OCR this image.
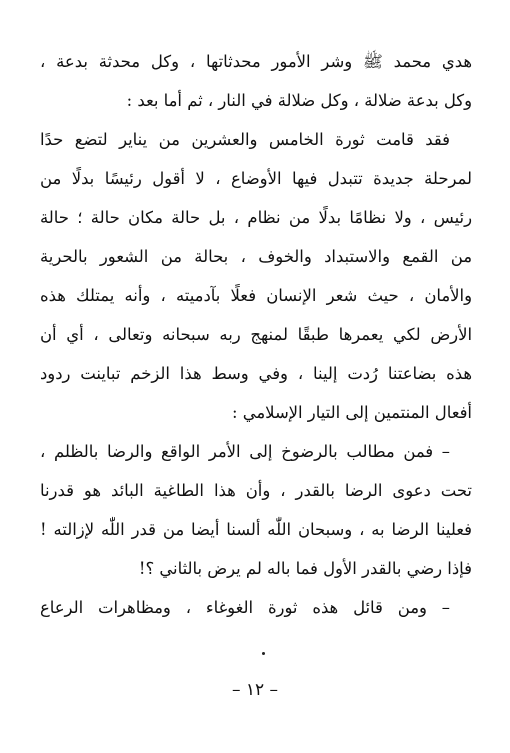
هدي محمد ﷺ وشر الأمور محدثاتها ، وكل محدثة بدعة ،
وكل بدعة ضلالة ، وكل ضلالة في النار ، ثم أما بعد :
فقد قامت ثورة الخامس والعشرين من يناير لتضع حدًا
لمرحلة جديدة تتبدل فيها الأوضاع ، لا أقول رئيسًا بدلًا من
رئيس ، ولا نظامًا بدلًا من نظام ، بل حالة مكان حالة ؛ حالة
من القمع والاستبداد والخوف ، بحالة من الشعور بالحرية
والأمان ، حيث شعر الإنسان فعلًا بآدميته ، وأنه يمتلك هذه
الأرض لكي يعمرها طبقًا لمنهج ربه سبحانه وتعالى ، أي أن
هذه بضاعتنا رُدت إلينا ، وفي وسط هذا الزخم تباينت ردود
أفعال المنتمين إلى التيار الإسلامي :
– فمن مطالب بالرضوخ إلى الأمر الواقع والرضا بالظلم ،
تحت دعوى الرضا بالقدر ، وأن هذا الطاغية البائد هو قدرنا
فعلينا الرضا به ، وسبحان اللّٰه ألسنا أيضا من قدر اللّٰه لإزالته !
فإذا رضي بالقدر الأول فما باله لم يرض بالثاني ؟!
– ومن قائل هذه ثورة الغوغاء ، ومظاهرات الرعاع
– ١٢ –
